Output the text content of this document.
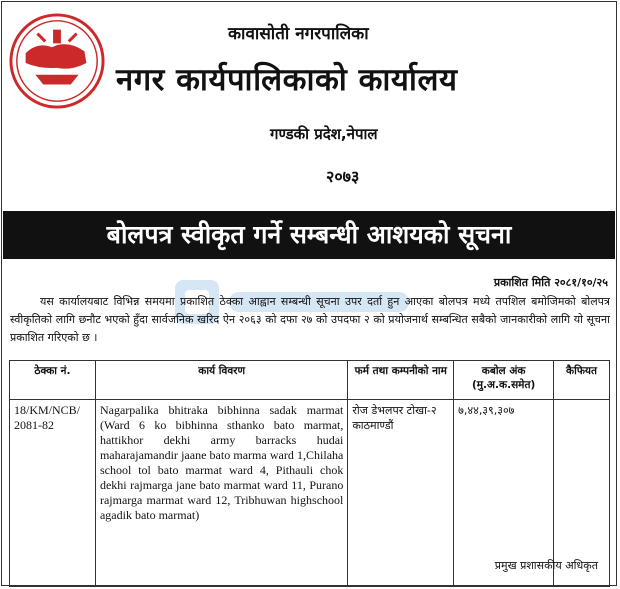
कावासोती नगरपालिका
नगर कार्यपालिकाको कार्यालय
गण्डकी प्रदेश,नेपाल
२०७३
बोलपत्र स्वीकृत गर्ने सम्बन्धी आशयको सूचना
प्रकाशित मिति २०८१/१०/२५
यस कार्यालयबाट विभिन्न समयमा प्रकाशित ठेक्का आह्वान सम्बन्धी सूचना उपर दर्ता हुन आएका बोलपत्र मध्ये तपशिल बमोजिमको बोलपत्र स्वीकृतिको लागि छनौट भएको हुँदा सार्वजनिक खरिद ऐन २०६३ को दफा २७ को उपदफा २ को प्रयोजनार्थ सम्बन्धित सबैको जानकारीको लागि यो सूचना प्रकाशित गरिएको छ ।
ठेक्का नं.	कार्य विवरण	फर्म तथा कम्पनीको नाम	कबोल अंक (मु.अ.क.समेत)	कैफियत
18/KM/NCB/ 2081-82	Nagarpalika bhitraka bibhinna sadak marmat (Ward 6 ko bibhinna sthanko bato marmat, hattikhor dekhi army barracks hudai maharajamandir jaane bato marma ward 1,Chilaha school tol bato marmat ward 4, Pithauli chok dekhi rajmarga jane bato marmat ward 11, Purano rajmarga marmat ward 12, Tribhuwan highschool agadik bato marmat)	रोज डेभलपर टोखा-२ काठमाण्डौं	७,४४,३९,३०७	
प्रमुख प्रशासकीय अधिकृत
